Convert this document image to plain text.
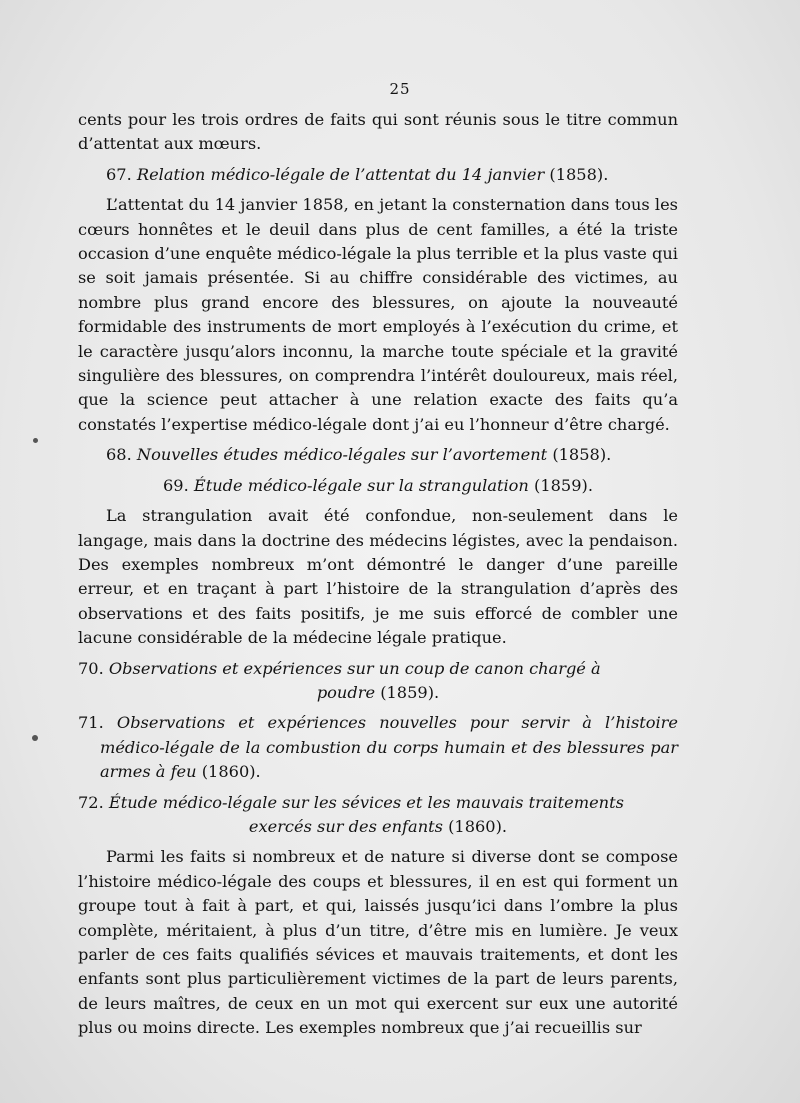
25

cents pour les trois ordres de faits qui sont réunis sous le titre commun d’attentat aux mœurs.

67. Relation médico-légale de l’attentat du 14 janvier (1858).

L’attentat du 14 janvier 1858, en jetant la consternation dans tous les cœurs honnêtes et le deuil dans plus de cent familles, a été la triste occasion d’une enquête médico-légale la plus terrible et la plus vaste qui se soit jamais présentée. Si au chiffre considérable des victimes, au nombre plus grand encore des blessures, on ajoute la nouveauté formidable des instruments de mort employés à l’exécution du crime, et le caractère jusqu’alors inconnu, la marche toute spéciale et la gravité singulière des blessures, on comprendra l’intérêt douloureux, mais réel, que la science peut attacher à une relation exacte des faits qu’a constatés l’expertise médico-légale dont j’ai eu l’honneur d’être chargé.

68. Nouvelles études médico-légales sur l’avortement (1858).
69. Étude médico-légale sur la strangulation (1859).

La strangulation avait été confondue, non-seulement dans le langage, mais dans la doctrine des médecins légistes, avec la pendaison. Des exemples nombreux m’ont démontré le danger d’une pareille erreur, et en traçant à part l’histoire de la strangulation d’après des observations et des faits positifs, je me suis efforcé de combler une lacune considérable de la médecine légale pratique.

70. Observations et expériences sur un coup de canon chargé à
poudre (1859).
71. Observations et expériences nouvelles pour servir à l’histoire médico-légale de la combustion du corps humain et des blessures par armes à feu (1860).
72. Étude médico-légale sur les sévices et les mauvais traitements
exercés sur des enfants (1860).

Parmi les faits si nombreux et de nature si diverse dont se compose l’histoire médico-légale des coups et blessures, il en est qui forment un groupe tout à fait à part, et qui, laissés jusqu’ici dans l’ombre la plus complète, méritaient, à plus d’un titre, d’être mis en lumière. Je veux parler de ces faits qualifiés sévices et mauvais traitements, et dont les enfants sont plus particulièrement victimes de la part de leurs parents, de leurs maîtres, de ceux en un mot qui exercent sur eux une autorité plus ou moins directe. Les exemples nombreux que j’ai recueillis sur
